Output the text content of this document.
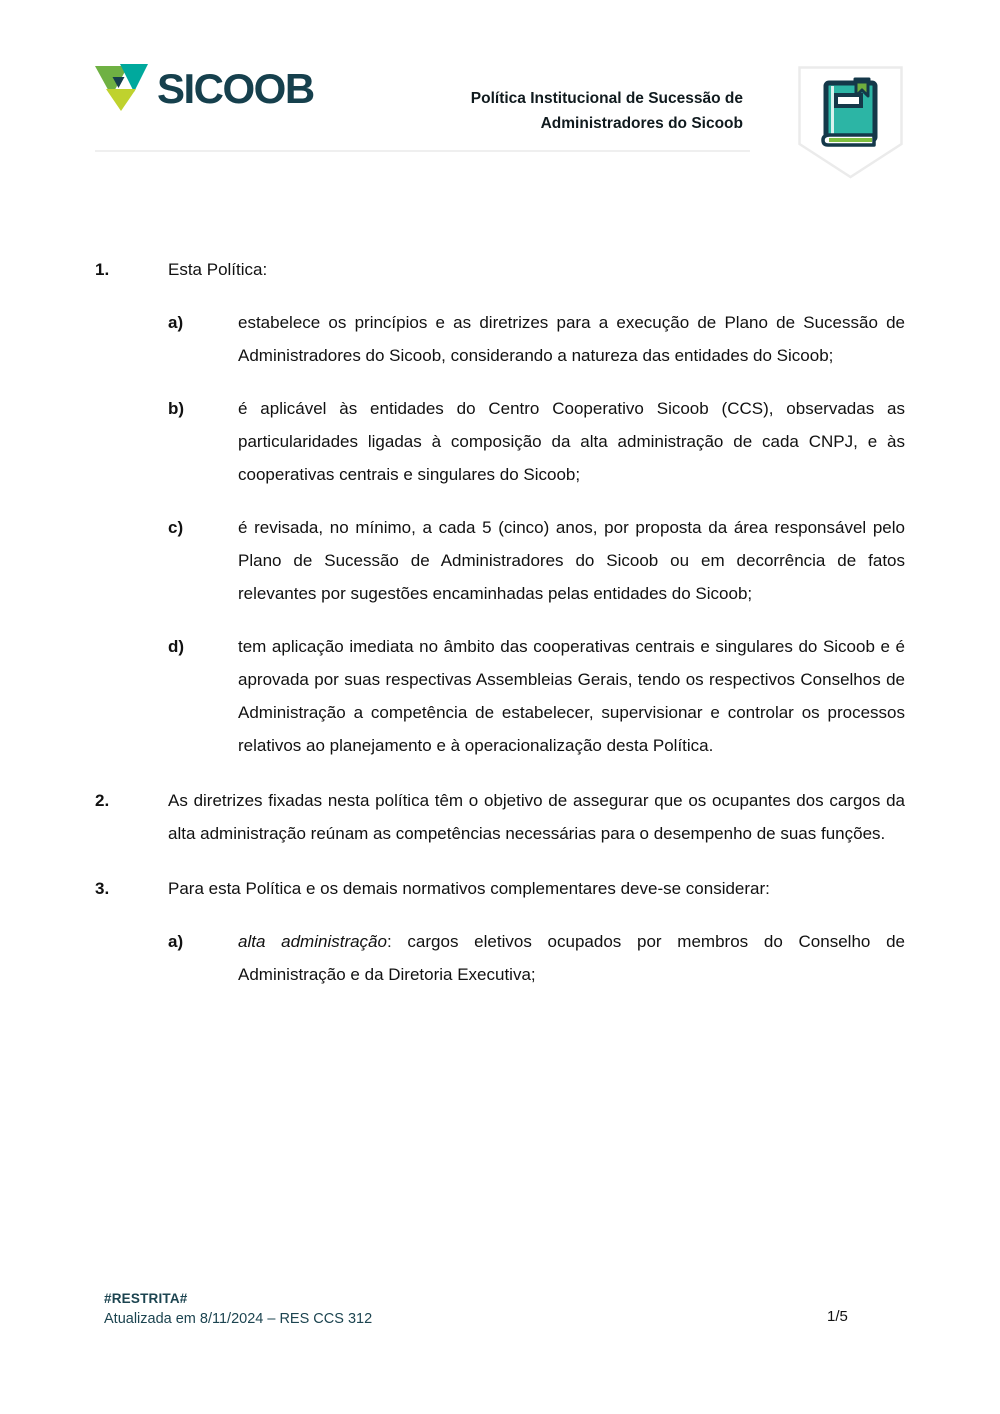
SICOOB	Política Institucional de Sucessão de
Administradores do Sicoob
1.	Esta Política:
a)	estabelece os princípios e as diretrizes para a execução de Plano de Sucessão de Administradores do Sicoob, considerando a natureza das entidades do Sicoob;
b)	é aplicável às entidades do Centro Cooperativo Sicoob (CCS), observadas as particularidades ligadas à composição da alta administração de cada CNPJ, e às cooperativas centrais e singulares do Sicoob;
c)	é revisada, no mínimo, a cada 5 (cinco) anos, por proposta da área responsável pelo Plano de Sucessão de Administradores do Sicoob ou em decorrência de fatos relevantes por sugestões encaminhadas pelas entidades do Sicoob;
d)	tem aplicação imediata no âmbito das cooperativas centrais e singulares do Sicoob e é aprovada por suas respectivas Assembleias Gerais, tendo os respectivos Conselhos de Administração a competência de estabelecer, supervisionar e controlar os processos relativos ao planejamento e à operacionalização desta Política.
2.	As diretrizes fixadas nesta política têm o objetivo de assegurar que os ocupantes dos cargos da alta administração reúnam as competências necessárias para o desempenho de suas funções.
3.	Para esta Política e os demais normativos complementares deve-se considerar:
a)	alta administração: cargos eletivos ocupados por membros do Conselho de Administração e da Diretoria Executiva;
#RESTRITA#
Atualizada em 8/11/2024 – RES CCS 312	1/5
